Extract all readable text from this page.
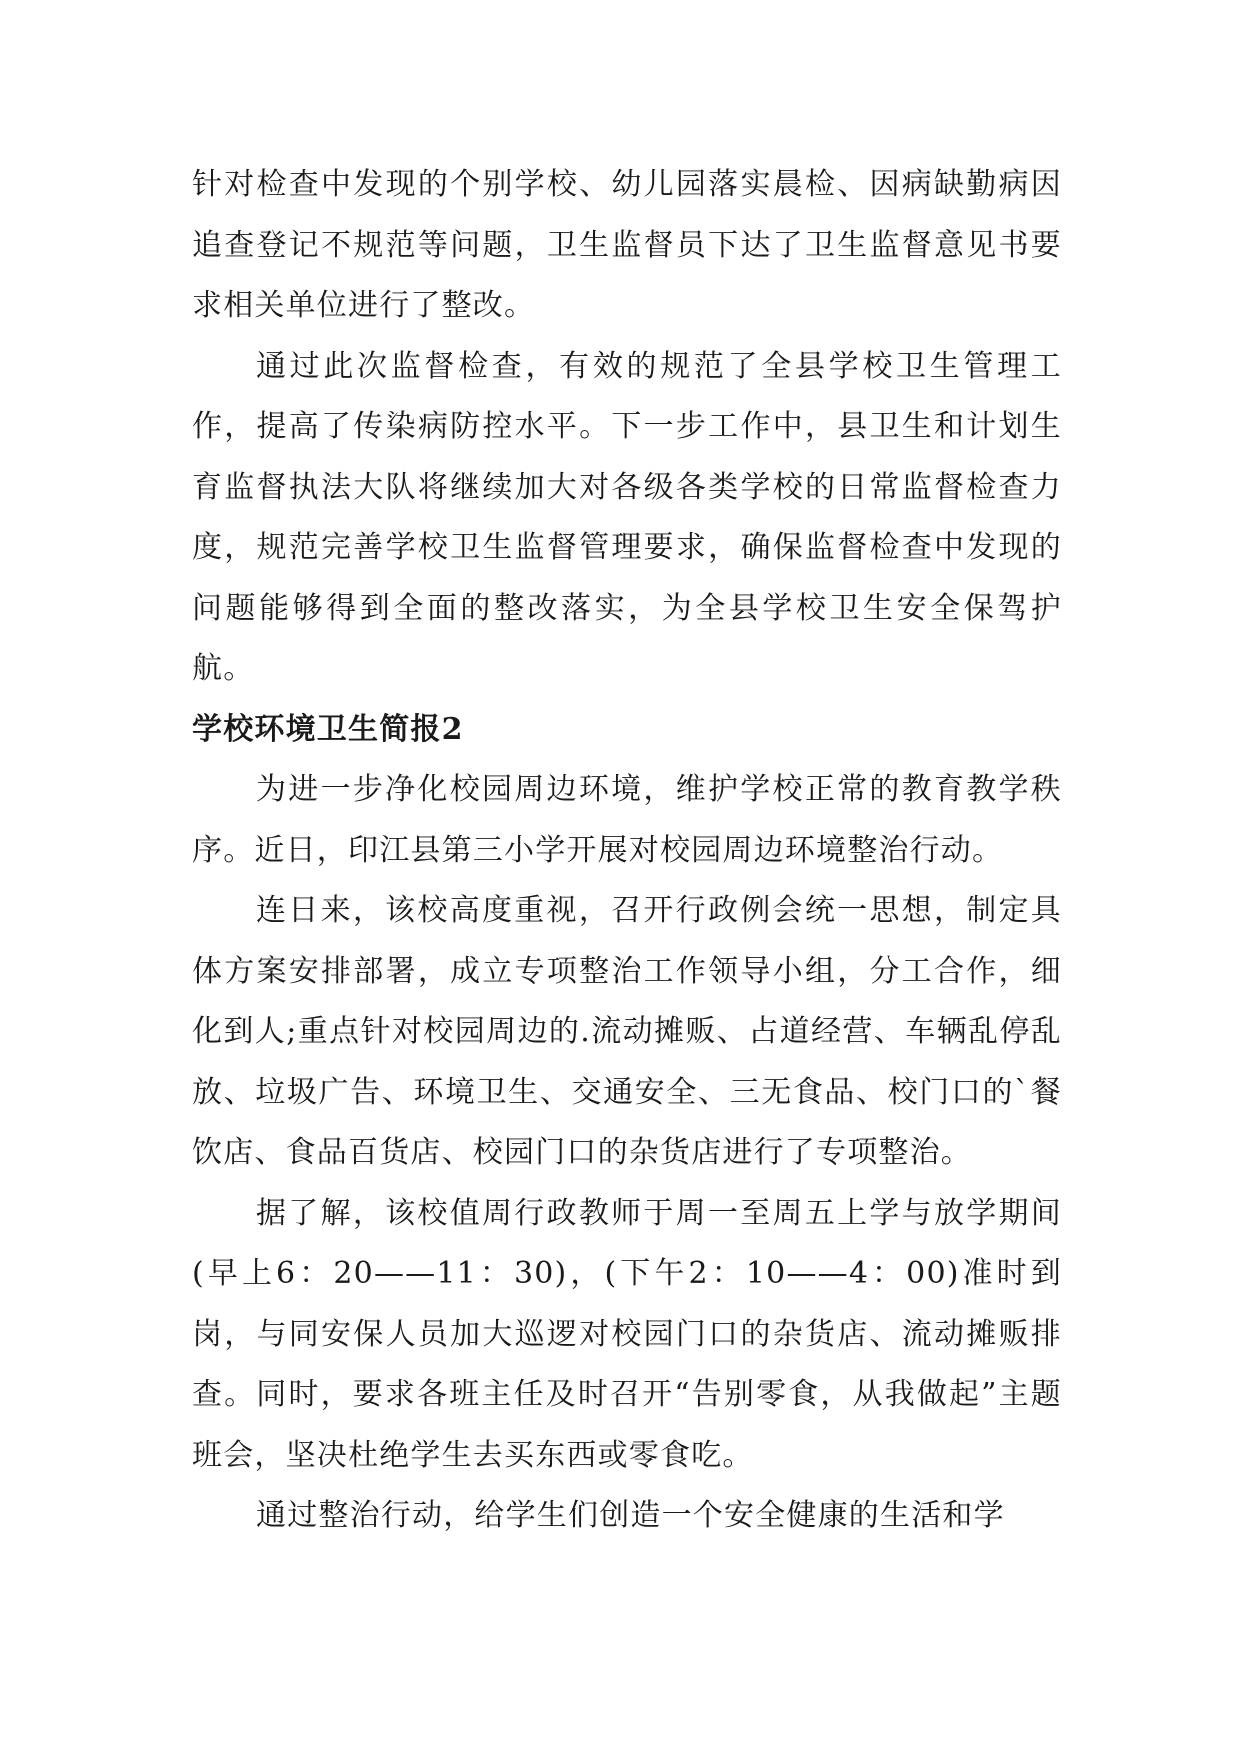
针对检查中发现的个别学校、幼儿园落实晨检、因病缺勤病因追查登记不规范等问题，卫生监督员下达了卫生监督意见书要求相关单位进行了整改。

通过此次监督检查，有效的规范了全县学校卫生管理工作，提高了传染病防控水平。下一步工作中，县卫生和计划生育监督执法大队将继续加大对各级各类学校的日常监督检查力度，规范完善学校卫生监督管理要求，确保监督检查中发现的问题能够得到全面的整改落实，为全县学校卫生安全保驾护航。

学校环境卫生简报2

为进一步净化校园周边环境，维护学校正常的教育教学秩序。近日，印江县第三小学开展对校园周边环境整治行动。

连日来，该校高度重视，召开行政例会统一思想，制定具体方案安排部署，成立专项整治工作领导小组，分工合作，细化到人;重点针对校园周边的.流动摊贩、占道经营、车辆乱停乱放、垃圾广告、环境卫生、交通安全、三无食品、校门口的`餐饮店、食品百货店、校园门口的杂货店进行了专项整治。

据了解，该校值周行政教师于周一至周五上学与放学期间(早上6：20——11：30)，(下午2：10——4：00)准时到岗，与同安保人员加大巡逻对校园门口的杂货店、流动摊贩排查。同时，要求各班主任及时召开“告别零食，从我做起”主题班会，坚决杜绝学生去买东西或零食吃。

通过整治行动，给学生们创造一个安全健康的生活和学
